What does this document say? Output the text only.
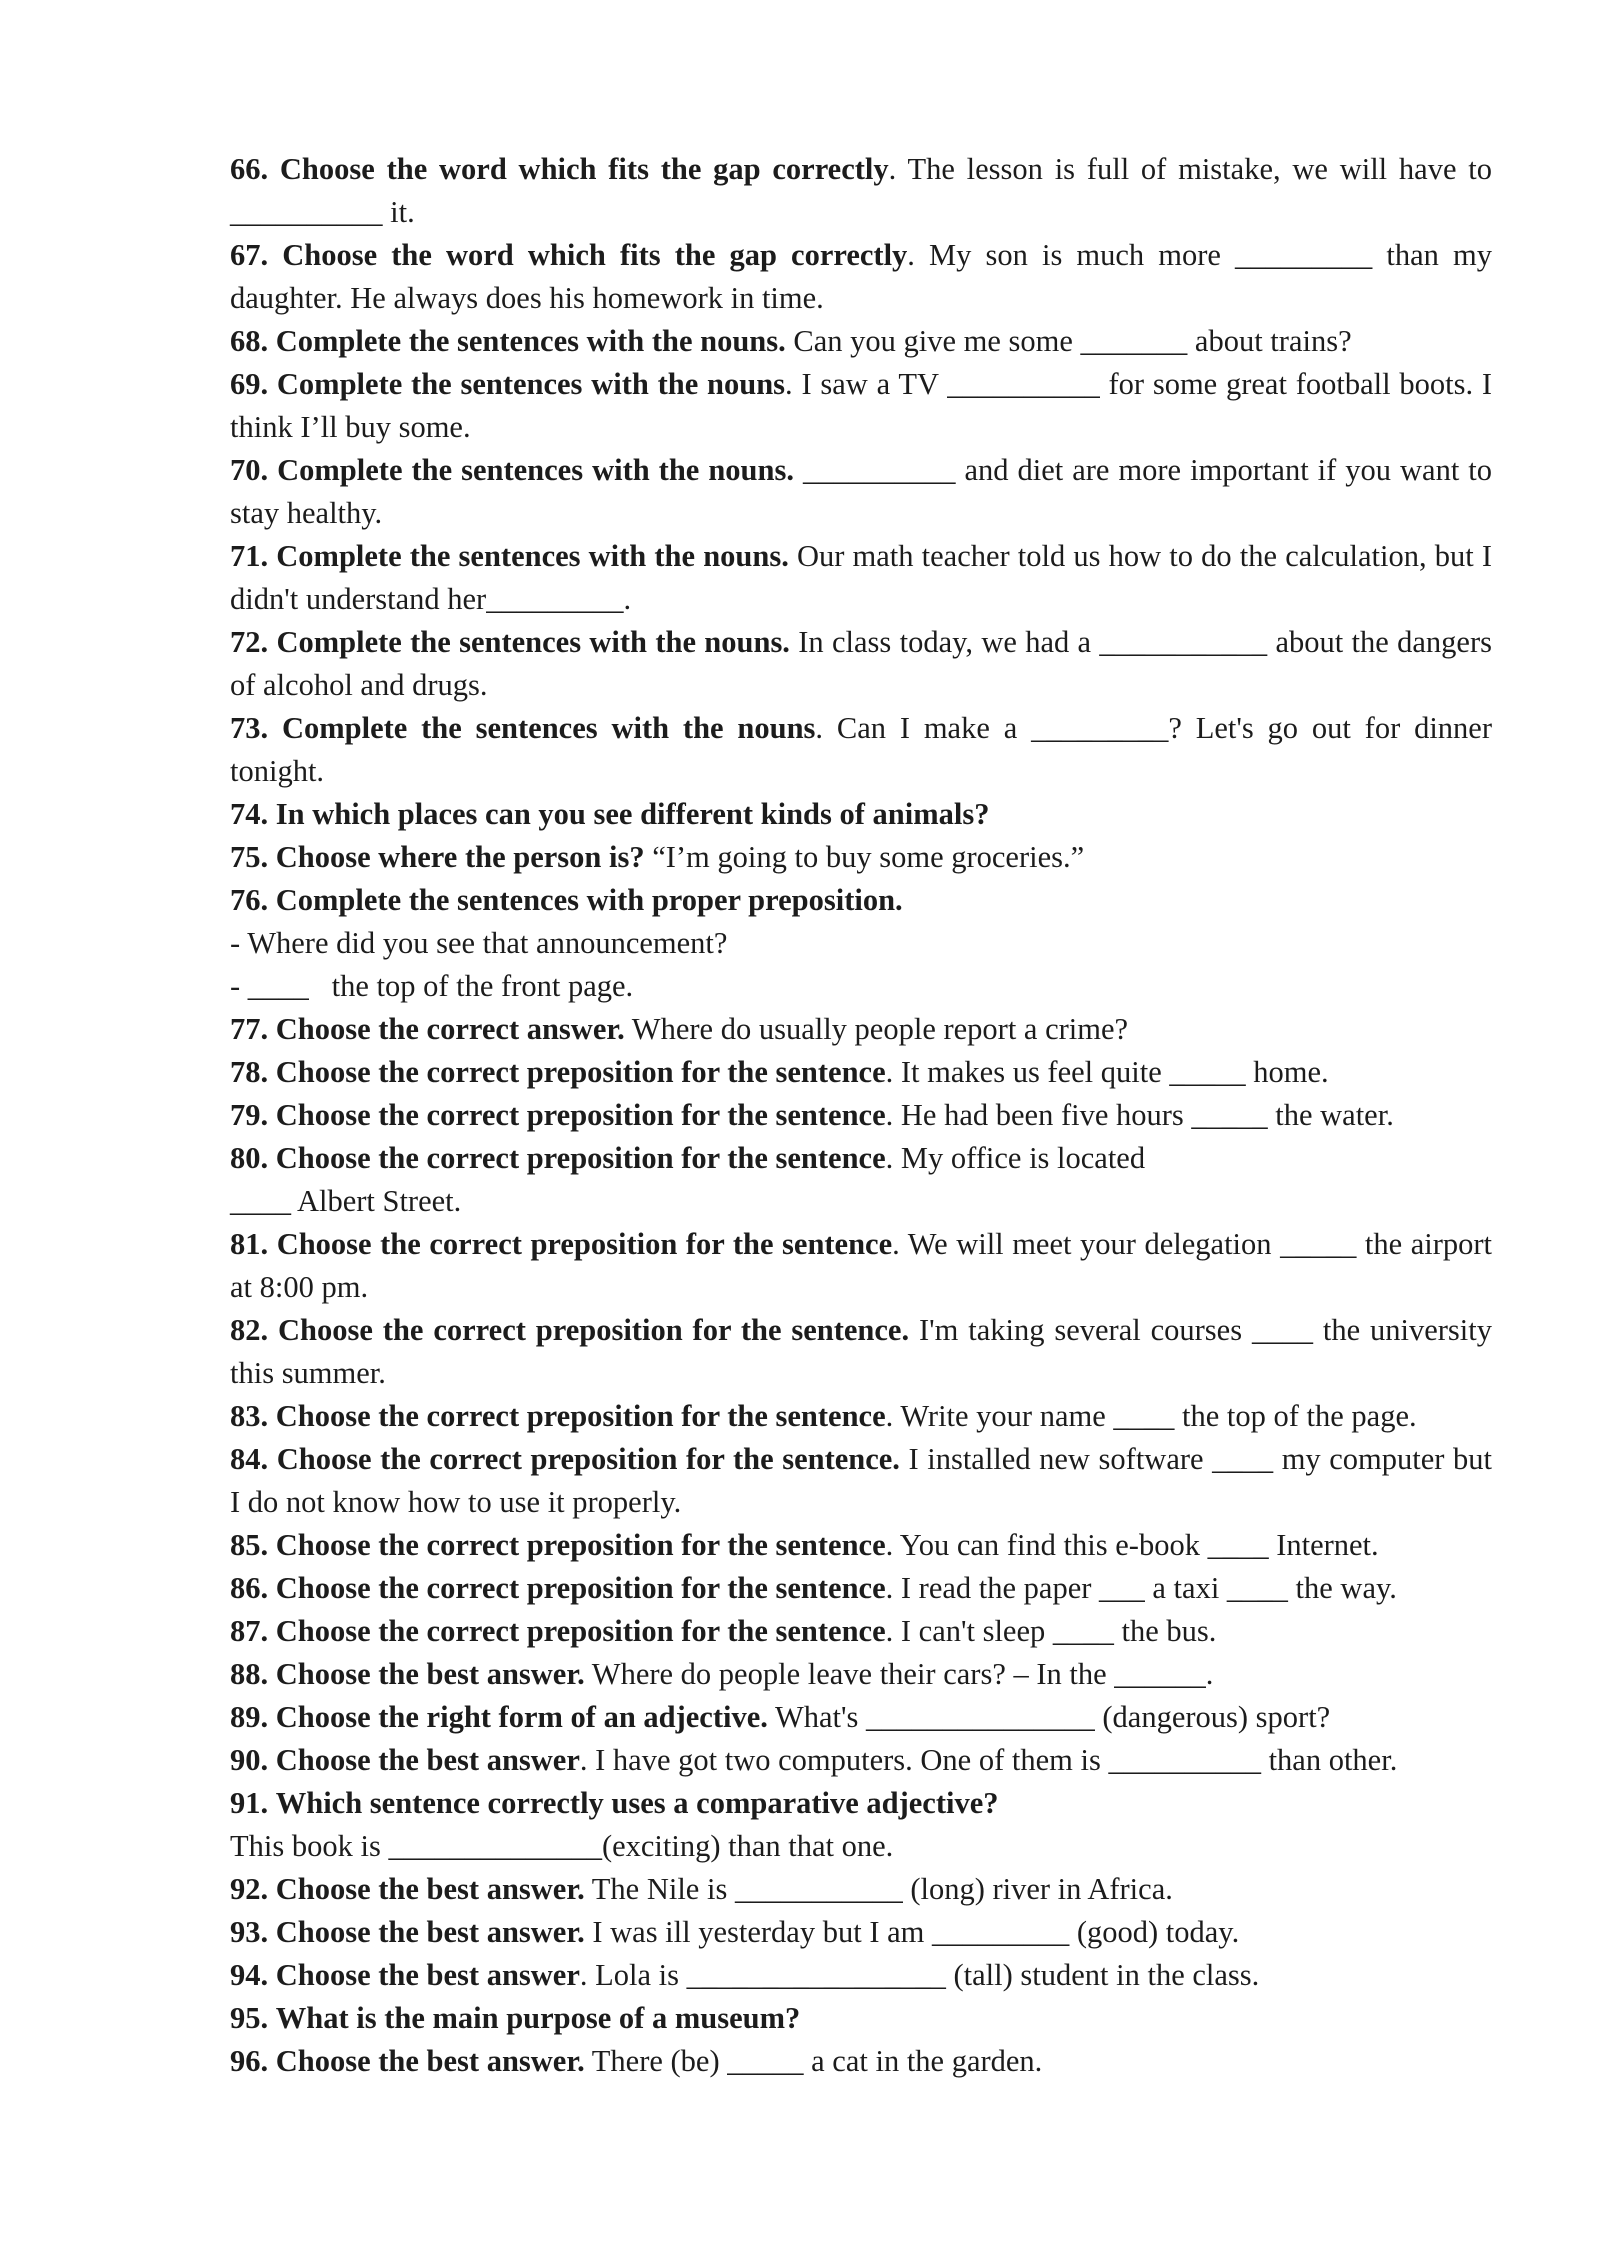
66. Choose the word which fits the gap correctly. The lesson is full of mistake, we will have to __________ it.

67. Choose the word which fits the gap correctly. My son is much more _________ than my daughter. He always does his homework in time.

68. Complete the sentences with the nouns. Can you give me some _______ about trains?

69. Complete the sentences with the nouns. I saw a TV __________ for some great football boots. I think I’ll buy some.

70. Complete the sentences with the nouns. __________ and diet are more important if you want to stay healthy.

71. Complete the sentences with the nouns. Our math teacher told us how to do the calculation, but I didn't understand her_________.

72. Complete the sentences with the nouns. In class today, we had a ___________ about the dangers of alcohol and drugs.

73. Complete the sentences with the nouns. Can I make a _________? Let's go out for dinner tonight.

74. In which places can you see different kinds of animals?

75. Choose where the person is? “I’m going to buy some groceries.”

76. Complete the sentences with proper preposition.

- Where did you see that announcement?

- ____   the top of the front page.

77. Choose the correct answer. Where do usually people report a crime?

78. Choose the correct preposition for the sentence. It makes us feel quite _____ home.

79. Choose the correct preposition for the sentence. He had been five hours _____ the water.

80. Choose the correct preposition for the sentence. My office is located

____ Albert Street.

81. Choose the correct preposition for the sentence. We will meet your delegation _____ the airport at 8:00 pm.

82. Choose the correct preposition for the sentence. I'm taking several courses ____ the university this summer.

83. Choose the correct preposition for the sentence. Write your name ____ the top of the page.

84. Choose the correct preposition for the sentence. I installed new software ____ my computer but I do not know how to use it properly.

85. Choose the correct preposition for the sentence. You can find this e-book ____ Internet.

86. Choose the correct preposition for the sentence. I read the paper ___ a taxi ____ the way.

87. Choose the correct preposition for the sentence. I can't sleep ____ the bus.

88. Choose the best answer. Where do people leave their cars? – In the ______.

89. Choose the right form of an adjective. What's _______________ (dangerous) sport?

90. Choose the best answer. I have got two computers. One of them is __________ than other.

91. Which sentence correctly uses a comparative adjective?

This book is ______________(exciting) than that one.

92. Choose the best answer. The Nile is ___________ (long) river in Africa.

93. Choose the best answer. I was ill yesterday but I am _________ (good) today.

94. Choose the best answer. Lola is _________________ (tall) student in the class.

95. What is the main purpose of a museum?

96. Choose the best answer. There (be) _____ a cat in the garden.
